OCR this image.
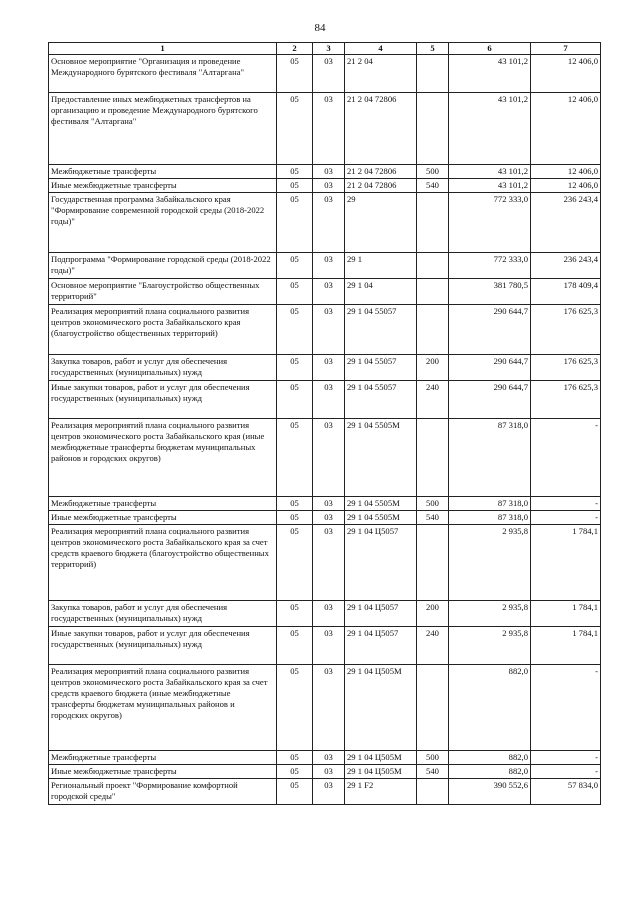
84
1	2	3	4	5	6	7
Основное мероприятие "Организация и проведение Международного бурятского фестиваля "Алтаргана"	05	03	21 2 04		43 101,2	12 406,0
Предоставление иных межбюджетных трансфертов на организацию и проведение Международного бурятского фестиваля "Алтаргана"	05	03	21 2 04 72806		43 101,2	12 406,0
Межбюджетные трансферты	05	03	21 2 04 72806	500	43 101,2	12 406,0
Иные межбюджетные трансферты	05	03	21 2 04 72806	540	43 101,2	12 406,0
Государственная программа Забайкальского края "Формирование современной городской среды (2018-2022 годы)"	05	03	29		772 333,0	236 243,4
Подпрограмма "Формирование городской среды (2018-2022 годы)"	05	03	29 1		772 333,0	236 243,4
Основное мероприятие "Благоустройство общественных территорий"	05	03	29 1 04		381 780,5	178 409,4
Реализация мероприятий плана социального развития центров экономического роста Забайкальского края (благоустройство общественных территорий)	05	03	29 1 04 55057		290 644,7	176 625,3
Закупка товаров, работ и услуг для обеспечения государственных (муниципальных) нужд	05	03	29 1 04 55057	200	290 644,7	176 625,3
Иные закупки товаров, работ и услуг для обеспечения государственных (муниципальных) нужд	05	03	29 1 04 55057	240	290 644,7	176 625,3
Реализация мероприятий плана социального развития центров экономического роста Забайкальского края (иные межбюджетные трансферты бюджетам муниципальных районов и городских округов)	05	03	29 1 04 5505М		87 318,0	-
Межбюджетные трансферты	05	03	29 1 04 5505М	500	87 318,0	-
Иные межбюджетные трансферты	05	03	29 1 04 5505М	540	87 318,0	-
Реализация мероприятий плана социального развития центров экономического роста Забайкальского края за счет средств краевого бюджета (благоустройство общественных территорий)	05	03	29 1 04 Ц5057		2 935,8	1 784,1
Закупка товаров, работ и услуг для обеспечения государственных (муниципальных) нужд	05	03	29 1 04 Ц5057	200	2 935,8	1 784,1
Иные закупки товаров, работ и услуг для обеспечения государственных (муниципальных) нужд	05	03	29 1 04 Ц5057	240	2 935,8	1 784,1
Реализация мероприятий плана социального развития центров экономического роста Забайкальского края за счет средств краевого бюджета (иные межбюджетные трансферты бюджетам муниципальных районов и городских округов)	05	03	29 1 04 Ц505М		882,0	-
Межбюджетные трансферты	05	03	29 1 04 Ц505М	500	882,0	-
Иные межбюджетные трансферты	05	03	29 1 04 Ц505М	540	882,0	-
Региональный проект "Формирование комфортной городской среды"	05	03	29 1 F2		390 552,6	57 834,0
